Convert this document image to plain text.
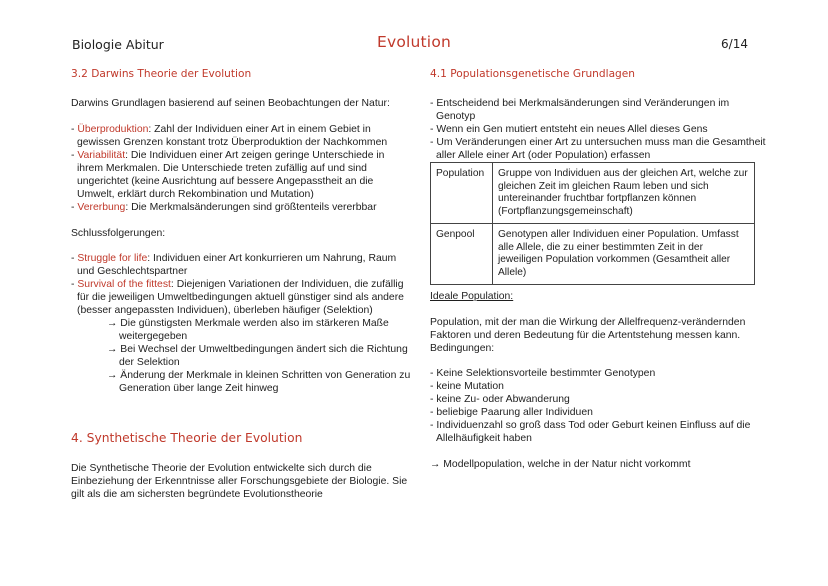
Biologie Abitur	Evolution	6/14
3.2 Darwins Theorie der Evolution
Darwins Grundlagen basierend auf seinen Beobachtungen der Natur:
- Überproduktion: Zahl der Individuen einer Art in einem Gebiet in gewissen Grenzen konstant trotz Überproduktion der Nachkommen
- Variabilität: Die Individuen einer Art zeigen geringe Unterschiede in ihrem Merkmalen. Die Unterschiede treten zufällig auf und sind ungerichtet (keine Ausrichtung auf bessere Angepasstheit an die Umwelt, erklärt durch Rekombination und Mutation)
- Vererbung: Die Merkmalsänderungen sind größtenteils vererbbar
Schlussfolgerungen:
- Struggle for life: Individuen einer Art konkurrieren um Nahrung, Raum und Geschlechtspartner
- Survival of the fittest: Diejenigen Variationen der Individuen, die zufällig für die jeweiligen Umweltbedingungen aktuell günstiger sind als andere (besser angepassten Individuen), überleben häufiger (Selektion)
→ Die günstigsten Merkmale werden also im stärkeren Maße weitergegeben
→ Bei Wechsel der Umweltbedingungen ändert sich die Richtung der Selektion
→ Änderung der Merkmale in kleinen Schritten von Generation zu Generation über lange Zeit hinweg
4. Synthetische Theorie der Evolution
Die Synthetische Theorie der Evolution entwickelte sich durch die Einbeziehung der Erkenntnisse aller Forschungsgebiete der Biologie. Sie gilt als die am sichersten begründete Evolutionstheorie
4.1 Populationsgenetische Grundlagen
- Entscheidend bei Merkmalsänderungen sind Veränderungen im Genotyp
- Wenn ein Gen mutiert entsteht ein neues Allel dieses Gens
- Um Veränderungen einer Art zu untersuchen muss man die Gesamtheit aller Allele einer Art (oder Population) erfassen
Population	Gruppe von Individuen aus der gleichen Art, welche zur gleichen Zeit im gleichen Raum leben und sich untereinander fruchtbar fortpflanzen können (Fortpflanzungsgemeinschaft)
Genpool	Genotypen aller Individuen einer Population. Umfasst alle Allele, die zu einer bestimmten Zeit in der jeweiligen Population vorkommen (Gesamtheit aller Allele)
Ideale Population:
Population, mit der man die Wirkung der Allelfrequenz-verändernden Faktoren und deren Bedeutung für die Artentstehung messen kann.
Bedingungen:
- Keine Selektionsvorteile bestimmter Genotypen
- keine Mutation
- keine Zu- oder Abwanderung
- beliebige Paarung aller Individuen
- Individuenzahl so groß dass Tod oder Geburt keinen Einfluss auf die Allelhäufigkeit haben
→ Modellpopulation, welche in der Natur nicht vorkommt
